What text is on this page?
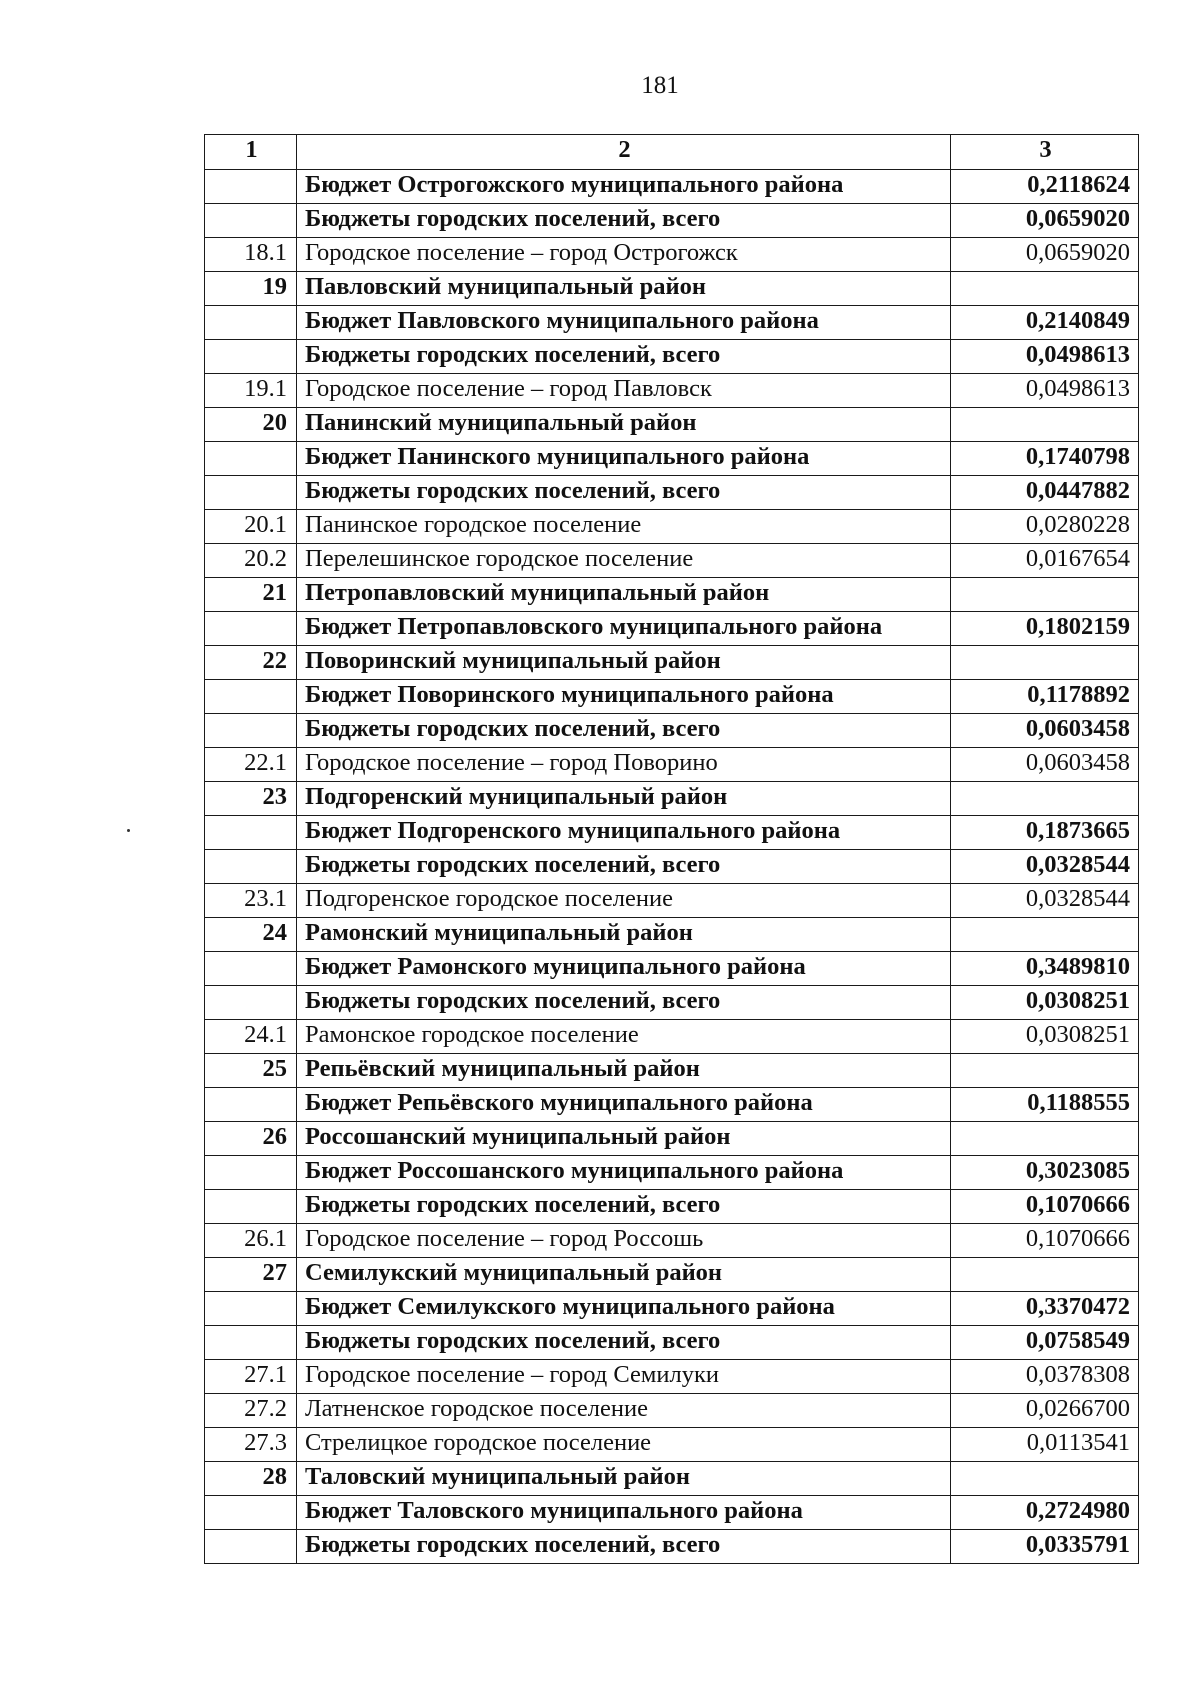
181
1	2	3
	Бюджет Острогожского муниципального района	0,2118624
	Бюджеты городских поселений, всего	0,0659020
18.1	Городское поселение – город Острогожск	0,0659020
19	Павловский муниципальный район	
	Бюджет Павловского муниципального района	0,2140849
	Бюджеты городских поселений, всего	0,0498613
19.1	Городское поселение – город Павловск	0,0498613
20	Панинский муниципальный район	
	Бюджет Панинского муниципального района	0,1740798
	Бюджеты городских поселений, всего	0,0447882
20.1	Панинское городское поселение	0,0280228
20.2	Перелешинское городское поселение	0,0167654
21	Петропавловский муниципальный район	
	Бюджет Петропавловского муниципального района	0,1802159
22	Поворинский муниципальный район	
	Бюджет Поворинского муниципального района	0,1178892
	Бюджеты городских поселений, всего	0,0603458
22.1	Городское поселение – город Поворино	0,0603458
23	Подгоренский муниципальный район	
	Бюджет Подгоренского муниципального района	0,1873665
	Бюджеты городских поселений, всего	0,0328544
23.1	Подгоренское городское поселение	0,0328544
24	Рамонский муниципальный район	
	Бюджет Рамонского муниципального района	0,3489810
	Бюджеты городских поселений, всего	0,0308251
24.1	Рамонское городское поселение	0,0308251
25	Репьёвский муниципальный район	
	Бюджет Репьёвского муниципального района	0,1188555
26	Россошанский муниципальный район	
	Бюджет Россошанского муниципального района	0,3023085
	Бюджеты городских поселений, всего	0,1070666
26.1	Городское поселение – город Россошь	0,1070666
27	Семилукский муниципальный район	
	Бюджет Семилукского муниципального района	0,3370472
	Бюджеты городских поселений, всего	0,0758549
27.1	Городское поселение – город Семилуки	0,0378308
27.2	Латненское городское поселение	0,0266700
27.3	Стрелицкое городское поселение	0,0113541
28	Таловский муниципальный район	
	Бюджет Таловского муниципального района	0,2724980
	Бюджеты городских поселений, всего	0,0335791
